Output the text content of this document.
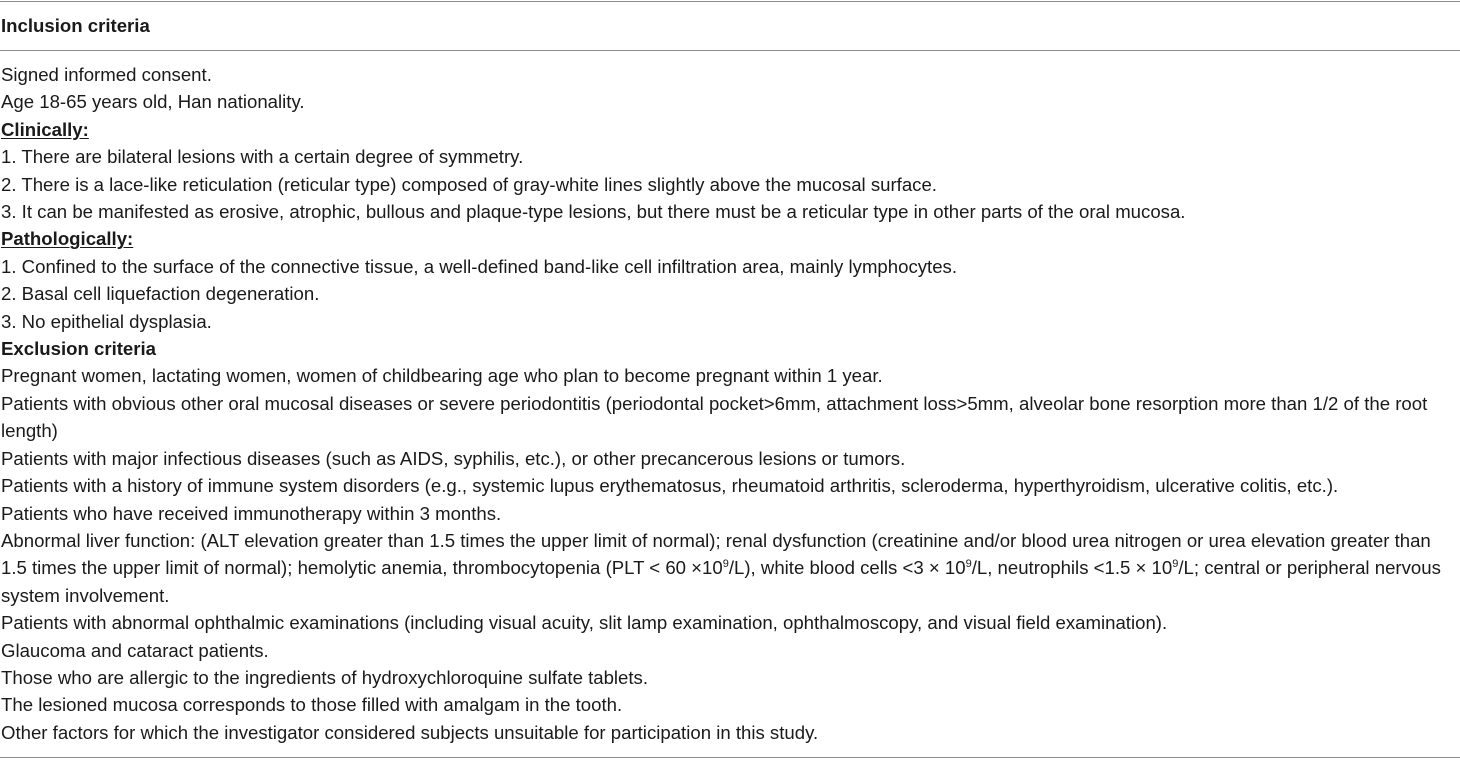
Inclusion criteria
Signed informed consent.
Age 18-65 years old, Han nationality.
Clinically:
1. There are bilateral lesions with a certain degree of symmetry.
2. There is a lace-like reticulation (reticular type) composed of gray-white lines slightly above the mucosal surface.
3. It can be manifested as erosive, atrophic, bullous and plaque-type lesions, but there must be a reticular type in other parts of the oral mucosa.
Pathologically:
1. Confined to the surface of the connective tissue, a well-defined band-like cell infiltration area, mainly lymphocytes.
2. Basal cell liquefaction degeneration.
3. No epithelial dysplasia.
Exclusion criteria
Pregnant women, lactating women, women of childbearing age who plan to become pregnant within 1 year.
Patients with obvious other oral mucosal diseases or severe periodontitis (periodontal pocket>6mm, attachment loss>5mm, alveolar bone resorption more than 1/2 of the root length)
Patients with major infectious diseases (such as AIDS, syphilis, etc.), or other precancerous lesions or tumors.
Patients with a history of immune system disorders (e.g., systemic lupus erythematosus, rheumatoid arthritis, scleroderma, hyperthyroidism, ulcerative colitis, etc.).
Patients who have received immunotherapy within 3 months.
Abnormal liver function: (ALT elevation greater than 1.5 times the upper limit of normal); renal dysfunction (creatinine and/or blood urea nitrogen or urea elevation greater than 1.5 times the upper limit of normal); hemolytic anemia, thrombocytopenia $(PLT < 60 \times 10^9/L)$, white blood cells $<3 \times 10^9/L$, neutrophils $<1.5 \times 10^9/L$; central or peripheral nervous system involvement.
Patients with abnormal ophthalmic examinations (including visual acuity, slit lamp examination, ophthalmoscopy, and visual field examination).
Glaucoma and cataract patients.
Those who are allergic to the ingredients of hydroxychloroquine sulfate tablets.
The lesioned mucosa corresponds to those filled with amalgam in the tooth.
Other factors for which the investigator considered subjects unsuitable for participation in this study.
